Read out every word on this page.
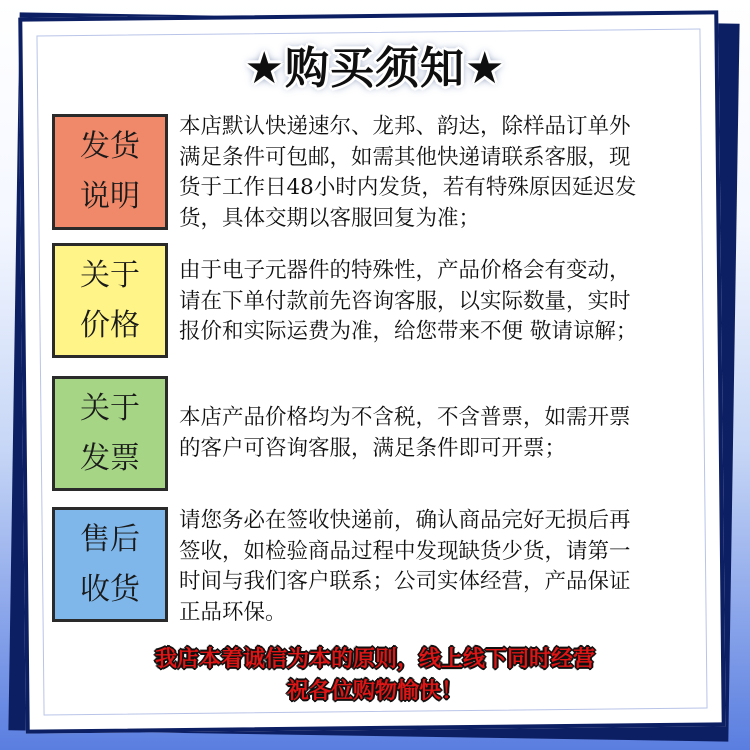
★购买须知★
发货
说明
本店默认快递速尔、龙邦、韵达，除样品订单外
满足条件可包邮，如需其他快递请联系客服，现
货于工作日48小时内发货，若有特殊原因延迟发
货，具体交期以客服回复为准；
关于
价格
由于电子元器件的特殊性，产品价格会有变动，
请在下单付款前先咨询客服，以实际数量，实时
报价和实际运费为准，给您带来不便 敬请谅解；
关于
发票
本店产品价格均为不含税，不含普票，如需开票
的客户可咨询客服，满足条件即可开票；
售后
收货
请您务必在签收快递前，确认商品完好无损后再
签收，如检验商品过程中发现缺货少货，请第一
时间与我们客户联系；公司实体经营，产品保证
正品环保。
我店本着诚信为本的原则，线上线下同时经营
祝各位购物愉快！
